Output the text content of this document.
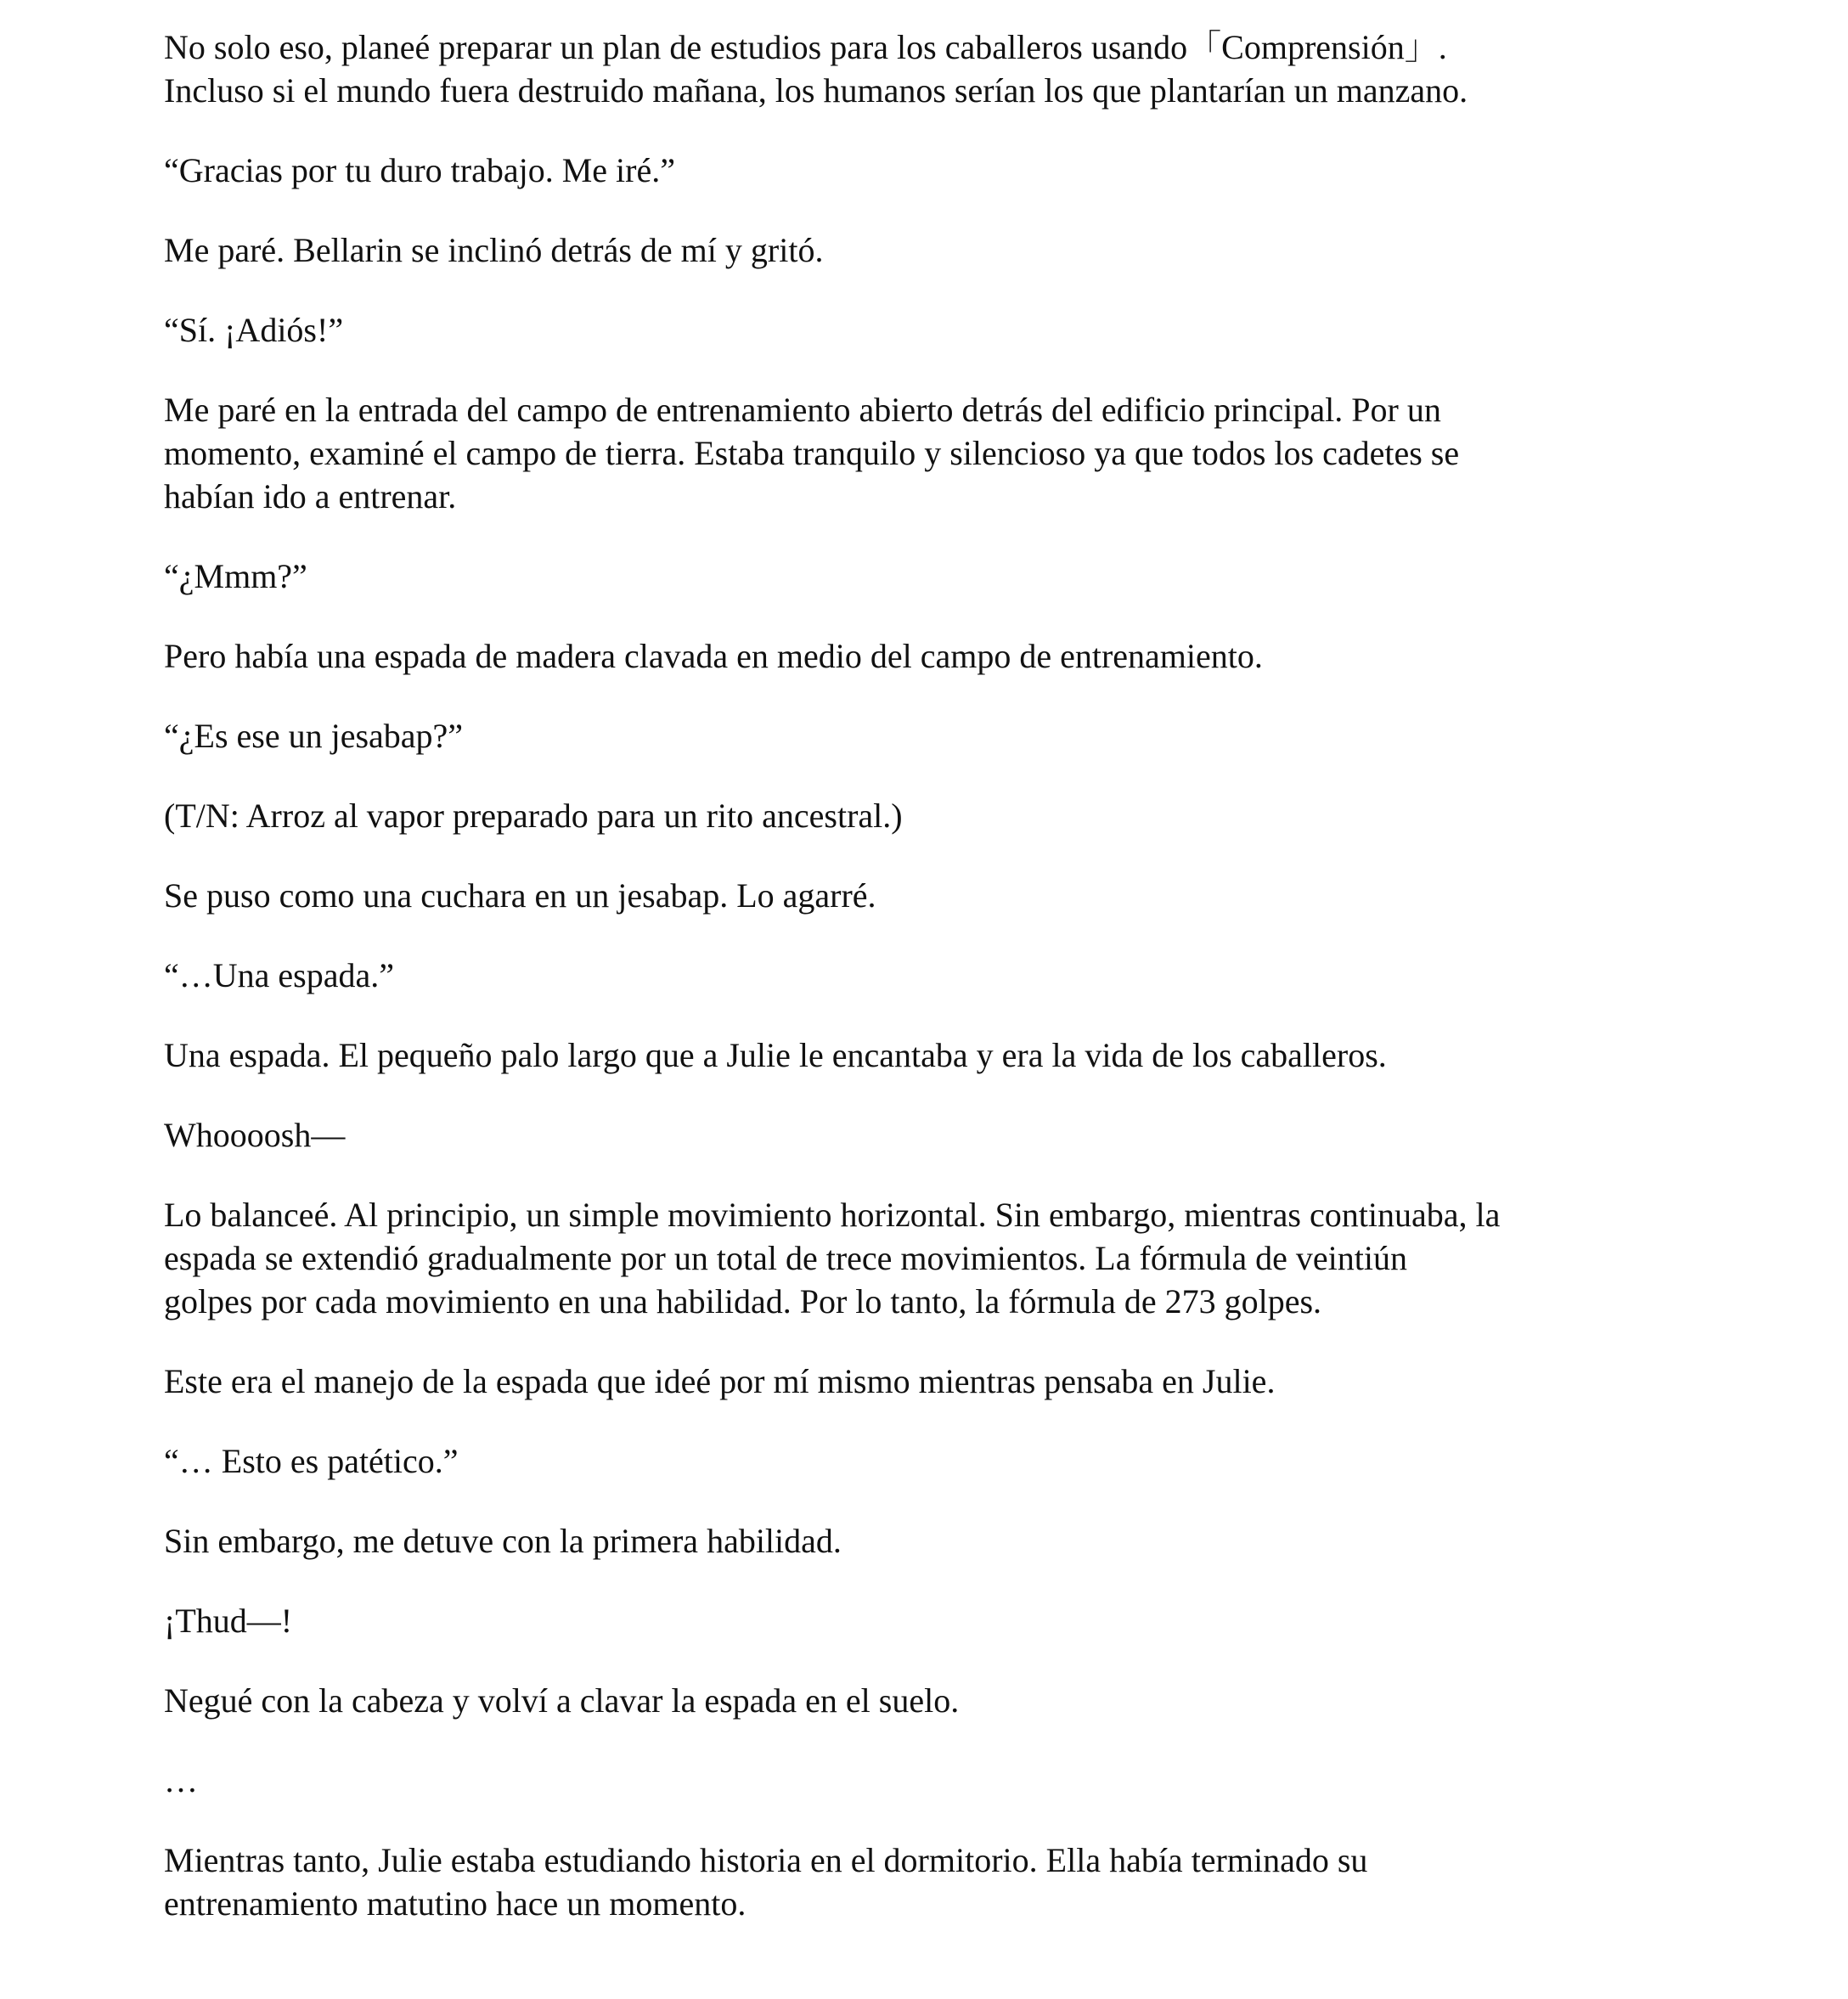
No solo eso, planeé preparar un plan de estudios para los caballeros usando「Comprensión」.
Incluso si el mundo fuera destruido mañana, los humanos serían los que plantarían un manzano.

“Gracias por tu duro trabajo. Me iré.”

Me paré. Bellarin se inclinó detrás de mí y gritó.

“Sí. ¡Adiós!”

Me paré en la entrada del campo de entrenamiento abierto detrás del edificio principal. Por un
momento, examiné el campo de tierra. Estaba tranquilo y silencioso ya que todos los cadetes se
habían ido a entrenar.

“¿Mmm?”

Pero había una espada de madera clavada en medio del campo de entrenamiento.

“¿Es ese un jesabap?”

(T/N: Arroz al vapor preparado para un rito ancestral.)

Se puso como una cuchara en un jesabap. Lo agarré.

“…Una espada.”

Una espada. El pequeño palo largo que a Julie le encantaba y era la vida de los caballeros.

Whoooosh—

Lo balanceé. Al principio, un simple movimiento horizontal. Sin embargo, mientras continuaba, la
espada se extendió gradualmente por un total de trece movimientos. La fórmula de veintiún
golpes por cada movimiento en una habilidad. Por lo tanto, la fórmula de 273 golpes.

Este era el manejo de la espada que ideé por mí mismo mientras pensaba en Julie.

“… Esto es patético.”

Sin embargo, me detuve con la primera habilidad.

¡Thud—!

Negué con la cabeza y volví a clavar la espada en el suelo.

…

Mientras tanto, Julie estaba estudiando historia en el dormitorio. Ella había terminado su
entrenamiento matutino hace un momento.
